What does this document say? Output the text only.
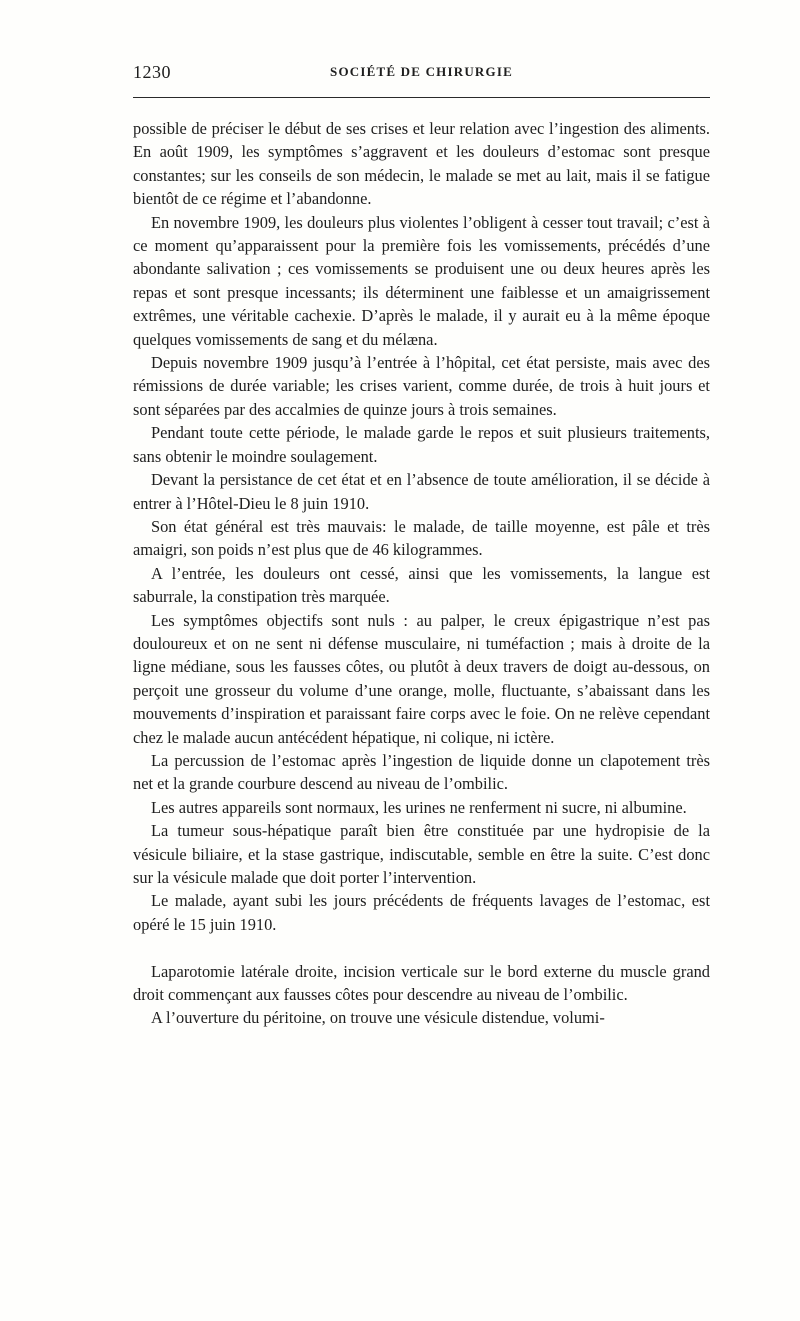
1230	SOCIÉTÉ DE CHIRURGIE

possible de préciser le début de ses crises et leur relation avec l’ingestion des aliments. En août 1909, les symptômes s’aggravent et les douleurs d’estomac sont presque constantes; sur les conseils de son médecin, le malade se met au lait, mais il se fatigue bientôt de ce régime et l’abandonne.

En novembre 1909, les douleurs plus violentes l’obligent à cesser tout travail; c’est à ce moment qu’apparaissent pour la première fois les vomissements, précédés d’une abondante salivation ; ces vomissements se produisent une ou deux heures après les repas et sont presque incessants; ils déterminent une faiblesse et un amaigrissement extrêmes, une véritable cachexie. D’après le malade, il y aurait eu à la même époque quelques vomissements de sang et du mélæna.

Depuis novembre 1909 jusqu’à l’entrée à l’hôpital, cet état persiste, mais avec des rémissions de durée variable; les crises varient, comme durée, de trois à huit jours et sont séparées par des accalmies de quinze jours à trois semaines.

Pendant toute cette période, le malade garde le repos et suit plusieurs traitements, sans obtenir le moindre soulagement.

Devant la persistance de cet état et en l’absence de toute amélioration, il se décide à entrer à l’Hôtel-Dieu le 8 juin 1910.

Son état général est très mauvais: le malade, de taille moyenne, est pâle et très amaigri, son poids n’est plus que de 46 kilogrammes.

A l’entrée, les douleurs ont cessé, ainsi que les vomissements, la langue est saburrale, la constipation très marquée.

Les symptômes objectifs sont nuls : au palper, le creux épigastrique n’est pas douloureux et on ne sent ni défense musculaire, ni tuméfaction ; mais à droite de la ligne médiane, sous les fausses côtes, ou plutôt à deux travers de doigt au-dessous, on perçoit une grosseur du volume d’une orange, molle, fluctuante, s’abaissant dans les mouvements d’inspiration et paraissant faire corps avec le foie. On ne relève cependant chez le malade aucun antécédent hépatique, ni colique, ni ictère.

La percussion de l’estomac après l’ingestion de liquide donne un clapotement très net et la grande courbure descend au niveau de l’ombilic.

Les autres appareils sont normaux, les urines ne renferment ni sucre, ni albumine.

La tumeur sous-hépatique paraît bien être constituée par une hydropisie de la vésicule biliaire, et la stase gastrique, indiscutable, semble en être la suite. C’est donc sur la vésicule malade que doit porter l’intervention.

Le malade, ayant subi les jours précédents de fréquents lavages de l’estomac, est opéré le 15 juin 1910.

Laparotomie latérale droite, incision verticale sur le bord externe du muscle grand droit commençant aux fausses côtes pour descendre au niveau de l’ombilic.

A l’ouverture du péritoine, on trouve une vésicule distendue, volumi-
